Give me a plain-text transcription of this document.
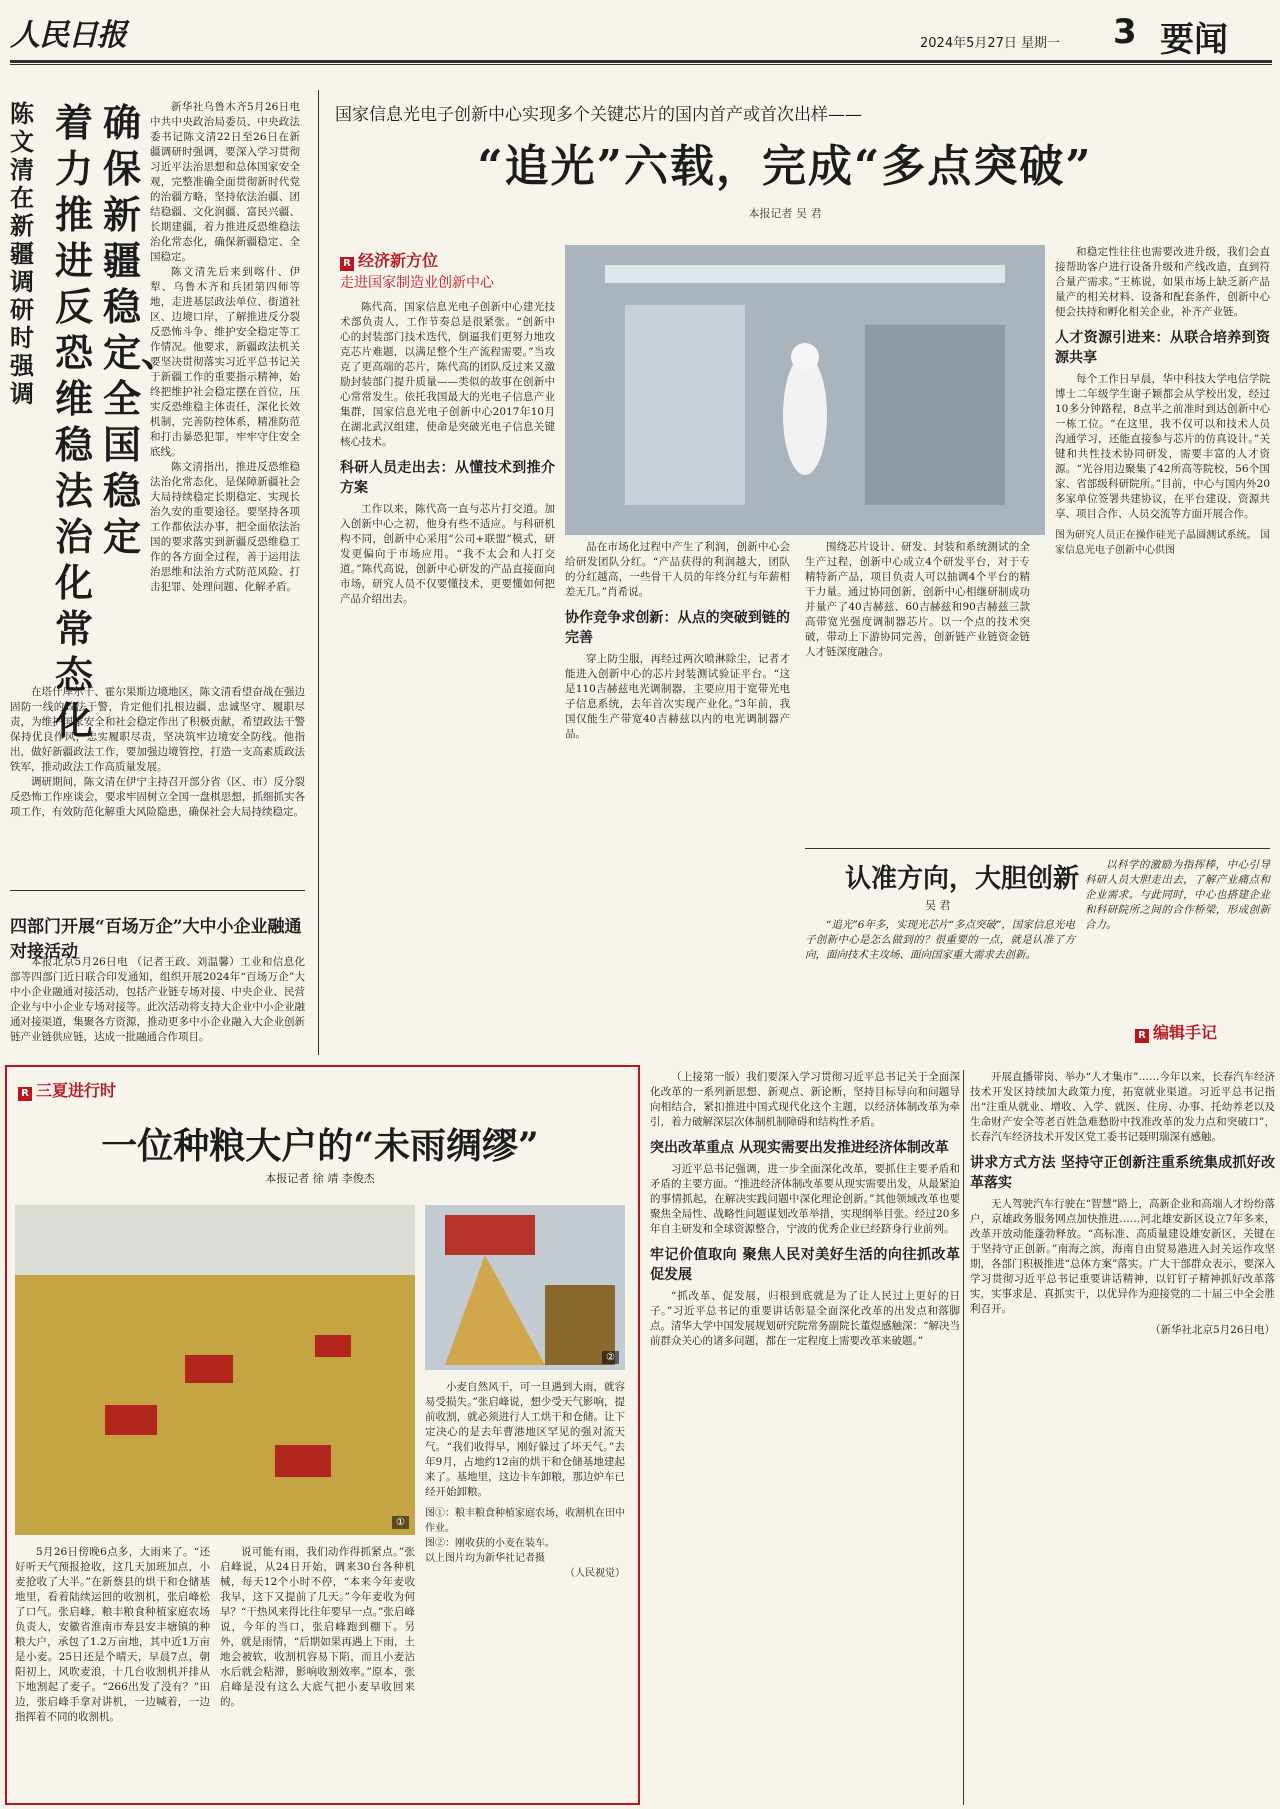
人民日报	2024年5月27日 星期一 3 要闻
陈文清在新疆调研时强调
确保新疆稳定、全国稳定
着力推进反恐维稳法治化常态化

新华社乌鲁木齐5月26日电 中共中央政治局委员、中央政法委书记陈文清22日至26日在新疆调研时强调，要深入学习贯彻习近平法治思想和总体国家安全观，完整准确全面贯彻新时代党的治疆方略，坚持依法治疆、团结稳疆、文化润疆、富民兴疆、长期建疆，着力推进反恐维稳法治化常态化，确保新疆稳定、全国稳定。

陈文清先后来到喀什、伊犁、乌鲁木齐和兵团第四师等地，走进基层政法单位、街道社区、边境口岸，了解推进反分裂反恐怖斗争、维护安全稳定等工作情况。他要求，新疆政法机关要坚决贯彻落实习近平总书记关于新疆工作的重要指示精神，始终把维护社会稳定摆在首位，压实反恐维稳主体责任，深化长效机制，完善防控体系，精准防范和打击暴恐犯罪，牢牢守住安全底线。

陈文清指出，推进反恐维稳法治化常态化，是保障新疆社会大局持续稳定长期稳定、实现长治久安的重要途径。要坚持各项工作都依法办事，把全面依法治国的要求落实到新疆反恐维稳工作的各方面全过程，善于运用法治思维和法治方式防范风险、打击犯罪、处理问题、化解矛盾。

在塔什库尔干、霍尔果斯边境地区，陈文清看望奋战在强边固防一线的政法干警，肯定他们扎根边疆、忠诚坚守、履职尽责，为维护国家安全和社会稳定作出了积极贡献，希望政法干警保持优良作风，忠实履职尽责，坚决筑牢边境安全防线。他指出，做好新疆政法工作，要加强边境管控，打造一支高素质政法铁军，推动政法工作高质量发展。

调研期间，陈文清在伊宁主持召开部分省（区、市）反分裂反恐怖工作座谈会，要求牢固树立全国一盘棋思想，抓细抓实各项工作，有效防范化解重大风险隐患，确保社会大局持续稳定。

四部门开展“百场万企”大中小企业融通对接活动

本报北京5月26日电 （记者王政、刘温馨）工业和信息化部等四部门近日联合印发通知，组织开展2024年“百场万企”大中小企业融通对接活动，包括产业链专场对接、中央企业、民营企业与中小企业专场对接等。此次活动将支持大企业中小企业融通对接渠道，集聚各方资源，推动更多中小企业融入大企业创新链产业链供应链，达成一批融通合作项目。

国家信息光电子创新中心实现多个关键芯片的国内首产或首次出样——
“追光”六载，完成“多点突破”
本报记者 吴 君
R 经济新方位
走进国家制造业创新中心

陈代高，国家信息光电子创新中心建光技术部负责人，工作节奏总是很紧张。“创新中心的封装部门技术迭代，倒逼我们更努力地攻克芯片难题，以满足整个生产流程需要。”当攻克了更高端的芯片，陈代高的团队反过来又激励封装部门提升质量——类似的故事在创新中心常常发生。依托我国最大的光电子信息产业集群，国家信息光电子创新中心2017年10月在湖北武汉组建，使命是突破光电子信息关键核心技术。

科研人员走出去：从懂技术到推介方案

工作以来，陈代高一直与芯片打交道。加入创新中心之初，他身有些不适应。与科研机构不同，创新中心采用“公司+联盟”模式，研发更偏向于市场应用。“我不太会和人打交道。”陈代高说，创新中心研发的产品直接面向市场，研究人员不仅要懂技术，更要懂如何把产品介绍出去。

品在市场化过程中产生了利润，创新中心会给研发团队分红。“产品获得的利润越大，团队的分红越高，一些骨干人员的年终分红与年薪相差无几。”肖希说。

协作竞争求创新：从点的突破到链的完善

穿上防尘服，再经过两次喷淋除尘，记者才能进入创新中心的芯片封装测试验证平台。“这是110吉赫兹电光调制器，主要应用于宽带光电子信息系统，去年首次实现产业化。”3年前，我国仅能生产带宽40吉赫兹以内的电光调制器产品。

围绕芯片设计、研发、封装和系统测试的全生产过程，创新中心成立4个研发平台，对于专精特新产品，项目负责人可以抽调4个平台的精干力量。通过协同创新，创新中心相继研制成功并量产了40吉赫兹、60吉赫兹和90吉赫兹三款高带宽光强度调制器芯片。以一个点的技术突破，带动上下游协同完善，创新链产业链资金链人才链深度融合。

和稳定性往往也需要改进升级，我们会直接帮助客户进行设备升级和产线改造，直到符合量产需求。”王栋说，如果市场上缺乏新产品量产的相关材料、设备和配套条件，创新中心便会扶持和孵化相关企业，补齐产业链。

人才资源引进来：从联合培养到资源共享

每个工作日早晨，华中科技大学电信学院博士二年级学生谢子颖都会从学校出发，经过10多分钟路程，8点半之前准时到达创新中心一栋工位。“在这里，我不仅可以和技术人员沟通学习，还能直接参与芯片的仿真设计。”关键和共性技术协同研发，需要丰富的人才资源。“光谷用边聚集了42所高等院校，56个国家、省部级科研院所。”目前，中心与国内外20多家单位签署共建协议，在平台建设、资源共享、项目合作、人员交流等方面开展合作。

图为研究人员正在操作硅光子晶圆测试系统。 国家信息光电子创新中心供图

认准方向，大胆创新
吴 君

“追光”6年多，实现光芯片“多点突破”，国家信息光电子创新中心是怎么做到的？很重要的一点，就是认准了方向，面向技术主攻场、面向国家重大需求去创新。

以科学的激励为指挥棒，中心引导科研人员大胆走出去，了解产业痛点和企业需求。与此同时，中心也搭建企业和科研院所之间的合作桥梁，形成创新合力。

R 编辑手记
R 三夏进行时
一位种粮大户的“未雨绸缪”
本报记者 徐 靖 李俊杰
①
②

5月26日傍晚6点多，大雨来了。“还好听天气预报抢收，这几天加班加点，小麦抢收了大半。”在新蔡县的烘干和仓储基地里，看着陆续运回的收割机，张启峰松了口气。张启峰，粮丰粮食种植家庭农场负责人，安徽省淮南市寿县安丰塘镇的种粮大户，承包了1.2万亩地，其中近1万亩是小麦。25日还是个晴天，早晨7点，朝阳初上，风吹麦浪，十几台收割机并排从下地割起了麦子。“266出发了没有？”田边，张启峰手拿对讲机，一边喊着，一边指挥着不同的收割机。

说可能有雨，我们动作得抓紧点。”张启峰说，从24日开始，调来30台各种机械，每天12个小时不停，“本来今年麦收我早，这下又提前了几天。”今年麦收为何早？“干热风来得比往年要早一点。”张启峰说，今年的当口，张启峰跑到棚下。另外，就是雨情，“后期如果再遇上下雨，土地会被软，收割机容易下陷，而且小麦沾水后就会粘滞，影响收割效率。”原本，张启峰是没有这么大底气把小麦早收回来的。

小麦自然风干，可一旦遇到大雨，就容易受损失。”张启峰说，想少受天气影响，提前收割，就必须进行人工烘干和仓储。让下定决心的是去年曹港地区罕见的强对流天气。“我们收得早，刚好躲过了坏天气。”去年9月，占地约12亩的烘干和仓储基地建起来了。基地里，这边卡车卸粮，那边炉车已经开始卸粮。

图①：粮丰粮食种植家庭农场，收割机在田中作业。

图②：刚收获的小麦在装车。

以上图片均为新华社记者摄

（人民视觉）

（上接第一版）我们要深入学习贯彻习近平总书记关于全面深化改革的一系列新思想、新观点、新论断，坚持目标导向和问题导向相结合，紧扣推进中国式现代化这个主题，以经济体制改革为牵引，着力破解深层次体制机制障碍和结构性矛盾。

突出改革重点 从现实需要出发推进经济体制改革

习近平总书记强调，进一步全面深化改革，要抓住主要矛盾和矛盾的主要方面。“推进经济体制改革要从现实需要出发，从最紧迫的事情抓起，在解决实践问题中深化理论创新。”其他领域改革也要聚焦全局性、战略性问题谋划改革举措，实现纲举目张。经过20多年自主研发和全球资源整合，宁波的优秀企业已经跻身行业前列。

牢记价值取向 聚焦人民对美好生活的向往抓改革促发展

“抓改革、促发展，归根到底就是为了让人民过上更好的日子。”习近平总书记的重要讲话彰显全面深化改革的出发点和落脚点。清华大学中国发展规划研究院常务副院长董煜感触深：“解决当前群众关心的诸多问题，都在一定程度上需要改革来破题。”

开展直播带岗、举办“人才集市”……今年以来，长春汽车经济技术开发区持续加大政策力度，拓宽就业渠道。习近平总书记指出“注重从就业、增收、入学、就医、住房、办事、托幼养老以及生命财产安全等老百姓急难愁盼中找准改革的发力点和突破口”，长春汽车经济技术开发区党工委书记聂明瑞深有感触。

讲求方式方法 坚持守正创新注重系统集成抓好改革落实

无人驾驶汽车行驶在“智慧”路上，高新企业和高端人才纷纷落户，京雄政务服务网点加快推进……河北雄安新区设立7年多来，改革开放动能蓬勃释放。“高标准、高质量建设雄安新区，关键在于坚持守正创新。”南海之滨，海南自由贸易港进入封关运作攻坚期，各部门积极推进“总体方案”落实。广大干部群众表示，要深入学习贯彻习近平总书记重要讲话精神，以钉钉子精神抓好改革落实，实事求是、真抓实干，以优异作为迎接党的二十届三中全会胜利召开。

（新华社北京5月26日电）
